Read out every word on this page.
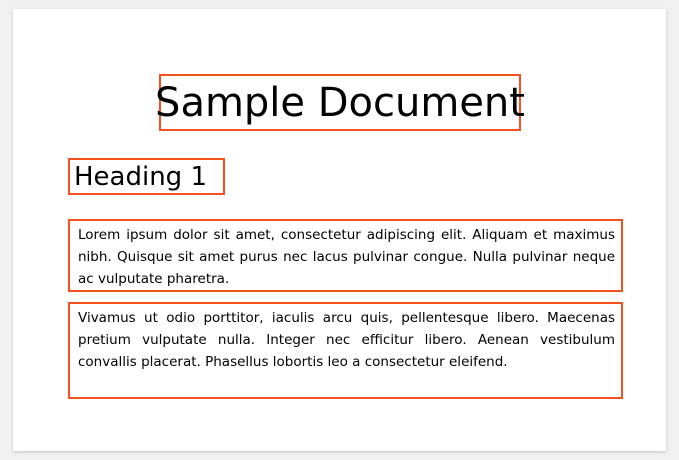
Sample Document
Heading 1
Lorem ipsum dolor sit amet, consectetur adipiscing elit. Aliquam et maximus nibh. Quisque sit amet purus nec lacus pulvinar congue. Nulla pulvinar neque ac vulputate pharetra.
Vivamus ut odio porttitor, iaculis arcu quis, pellentesque libero. Maecenas pretium vulputate nulla. Integer nec efficitur libero. Aenean vestibulum convallis placerat. Phasellus lobortis leo a consectetur eleifend.
